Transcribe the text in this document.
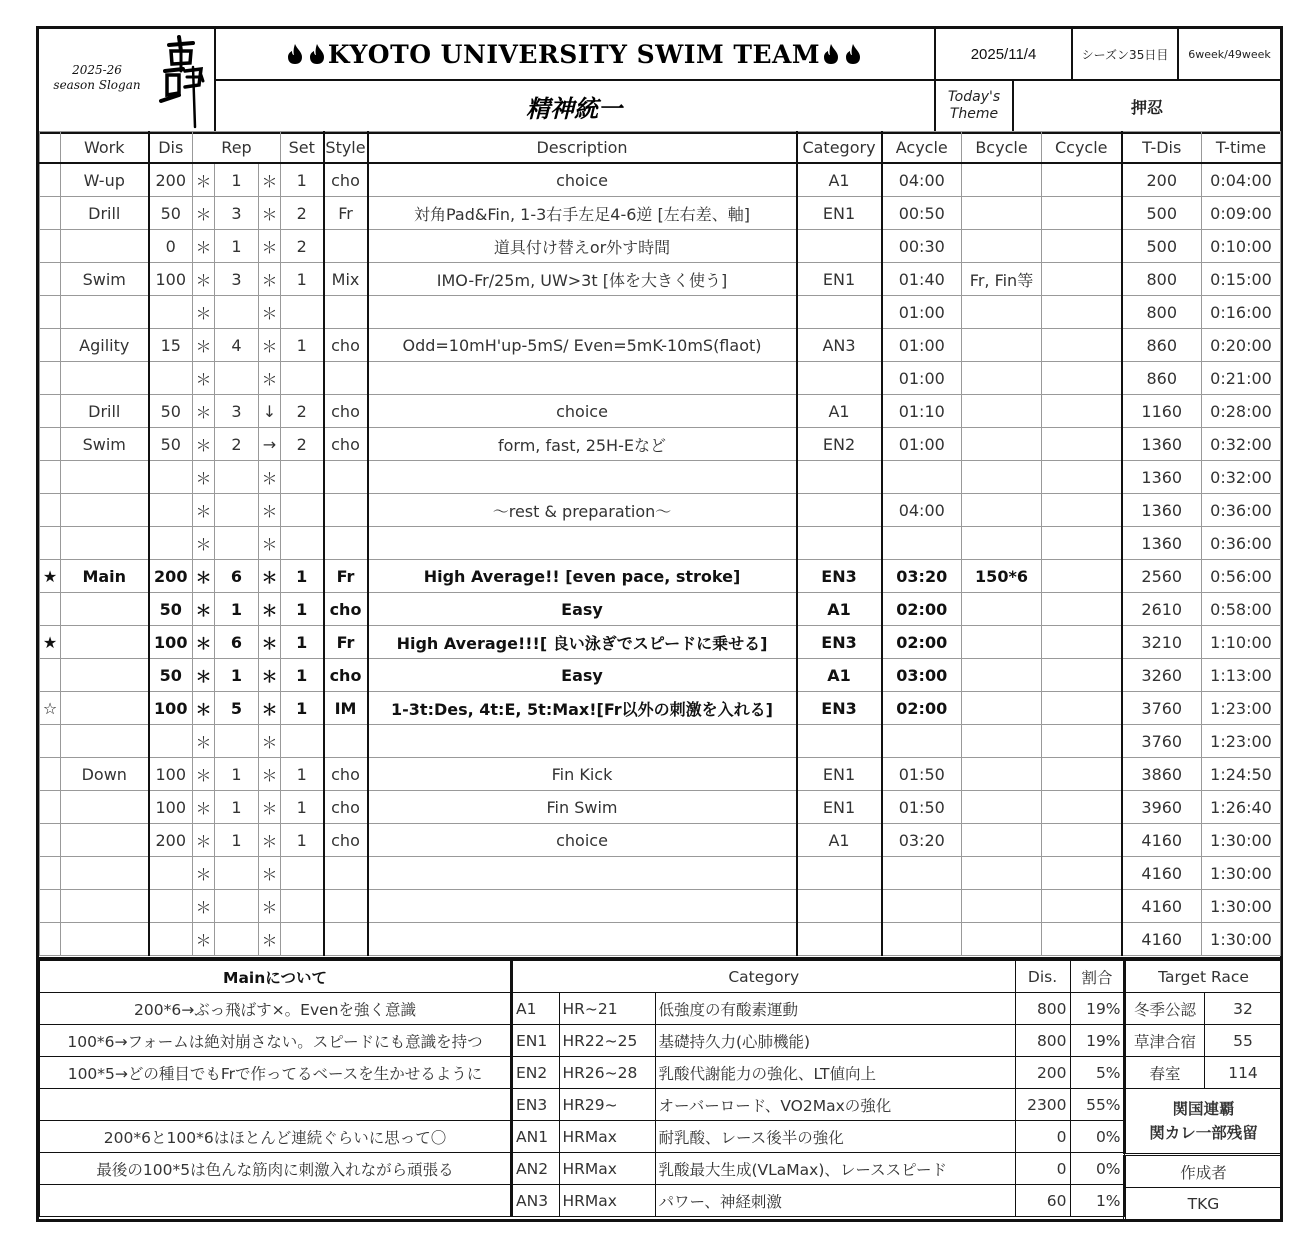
2025-26
season Slogan
KYOTO UNIVERSITY SWIM TEAM
精神統一
2025/11/4	シーズン35日目	6week/49week
Today's
Theme	押忍
	Work	Dis	Rep			Set	Style	Description	Category	Acycle	Bcycle	Ccycle	T-Dis	T-time
	W-up	200	＊	1	＊	1	cho	choice	A1	04:00			200	0:04:00
	Drill	50	＊	3	＊	2	Fr	対角Pad&Fin, 1-3右手左足4-6逆 [左右差、軸]	EN1	00:50			500	0:09:00
		0	＊	1	＊	2		道具付け替えor外す時間		00:30			500	0:10:00
	Swim	100	＊	3	＊	1	Mix	IMO-Fr/25m, UW>3t [体を大きく使う]	EN1	01:40	Fr, Fin等		800	0:15:00
			＊		＊					01:00			800	0:16:00
	Agility	15	＊	4	＊	1	cho	Odd=10mH'up-5mS/ Even=5mK-10mS(flaot)	AN3	01:00			860	0:20:00
			＊		＊					01:00			860	0:21:00
	Drill	50	＊	3	↓	2	cho	choice	A1	01:10			1160	0:28:00
	Swim	50	＊	2	→	2	cho	form, fast, 25H-Eなど	EN2	01:00			1360	0:32:00
			＊		＊								1360	0:32:00
			＊		＊			～rest & preparation～		04:00			1360	0:36:00
			＊		＊								1360	0:36:00
★	Main	200	＊	6	＊	1	Fr	High Average!! [even pace, stroke]	EN3	03:20	150*6		2560	0:56:00
		50	＊	1	＊	1	cho	Easy	A1	02:00			2610	0:58:00
★		100	＊	6	＊	1	Fr	High Average!!![ 良い泳ぎでスピードに乗せる]	EN3	02:00			3210	1:10:00
		50	＊	1	＊	1	cho	Easy	A1	03:00			3260	1:13:00
☆		100	＊	5	＊	1	IM	1-3t:Des, 4t:E, 5t:Max![Fr以外の刺激を入れる]	EN3	02:00			3760	1:23:00
			＊		＊								3760	1:23:00
	Down	100	＊	1	＊	1	cho	Fin Kick	EN1	01:50			3860	1:24:50
		100	＊	1	＊	1	cho	Fin Swim	EN1	01:50			3960	1:26:40
		200	＊	1	＊	1	cho	choice	A1	03:20			4160	1:30:00
			＊		＊								4160	1:30:00
			＊		＊								4160	1:30:00
			＊		＊								4160	1:30:00
Mainについて
200*6→ぶっ飛ばす×。Evenを強く意識
100*6→フォームは絶対崩さない。スピードにも意識を持つ
100*5→どの種目でもFrで作ってるベースを生かせるように

200*6と100*6はほとんど連続ぐらいに思って〇
最後の100*5は色んな筋肉に刺激入れながら頑張る

Category			Dis.	割合
A1	HR~21	低強度の有酸素運動	800	19%
EN1	HR22~25	基礎持久力(心肺機能)	800	19%
EN2	HR26~28	乳酸代謝能力の強化、LT値向上	200	5%
EN3	HR29~	オーバーロード、VO2Maxの強化	2300	55%
AN1	HRMax	耐乳酸、レース後半の強化	0	0%
AN2	HRMax	乳酸最大生成(VLaMax)、レーススピード	0	0%
AN3	HRMax	パワー、神経刺激	60	1%
Target Race	
冬季公認	32
草津合宿	55
春室	114

関国連覇
関カレ一部残留	

作成者	
TKG	
